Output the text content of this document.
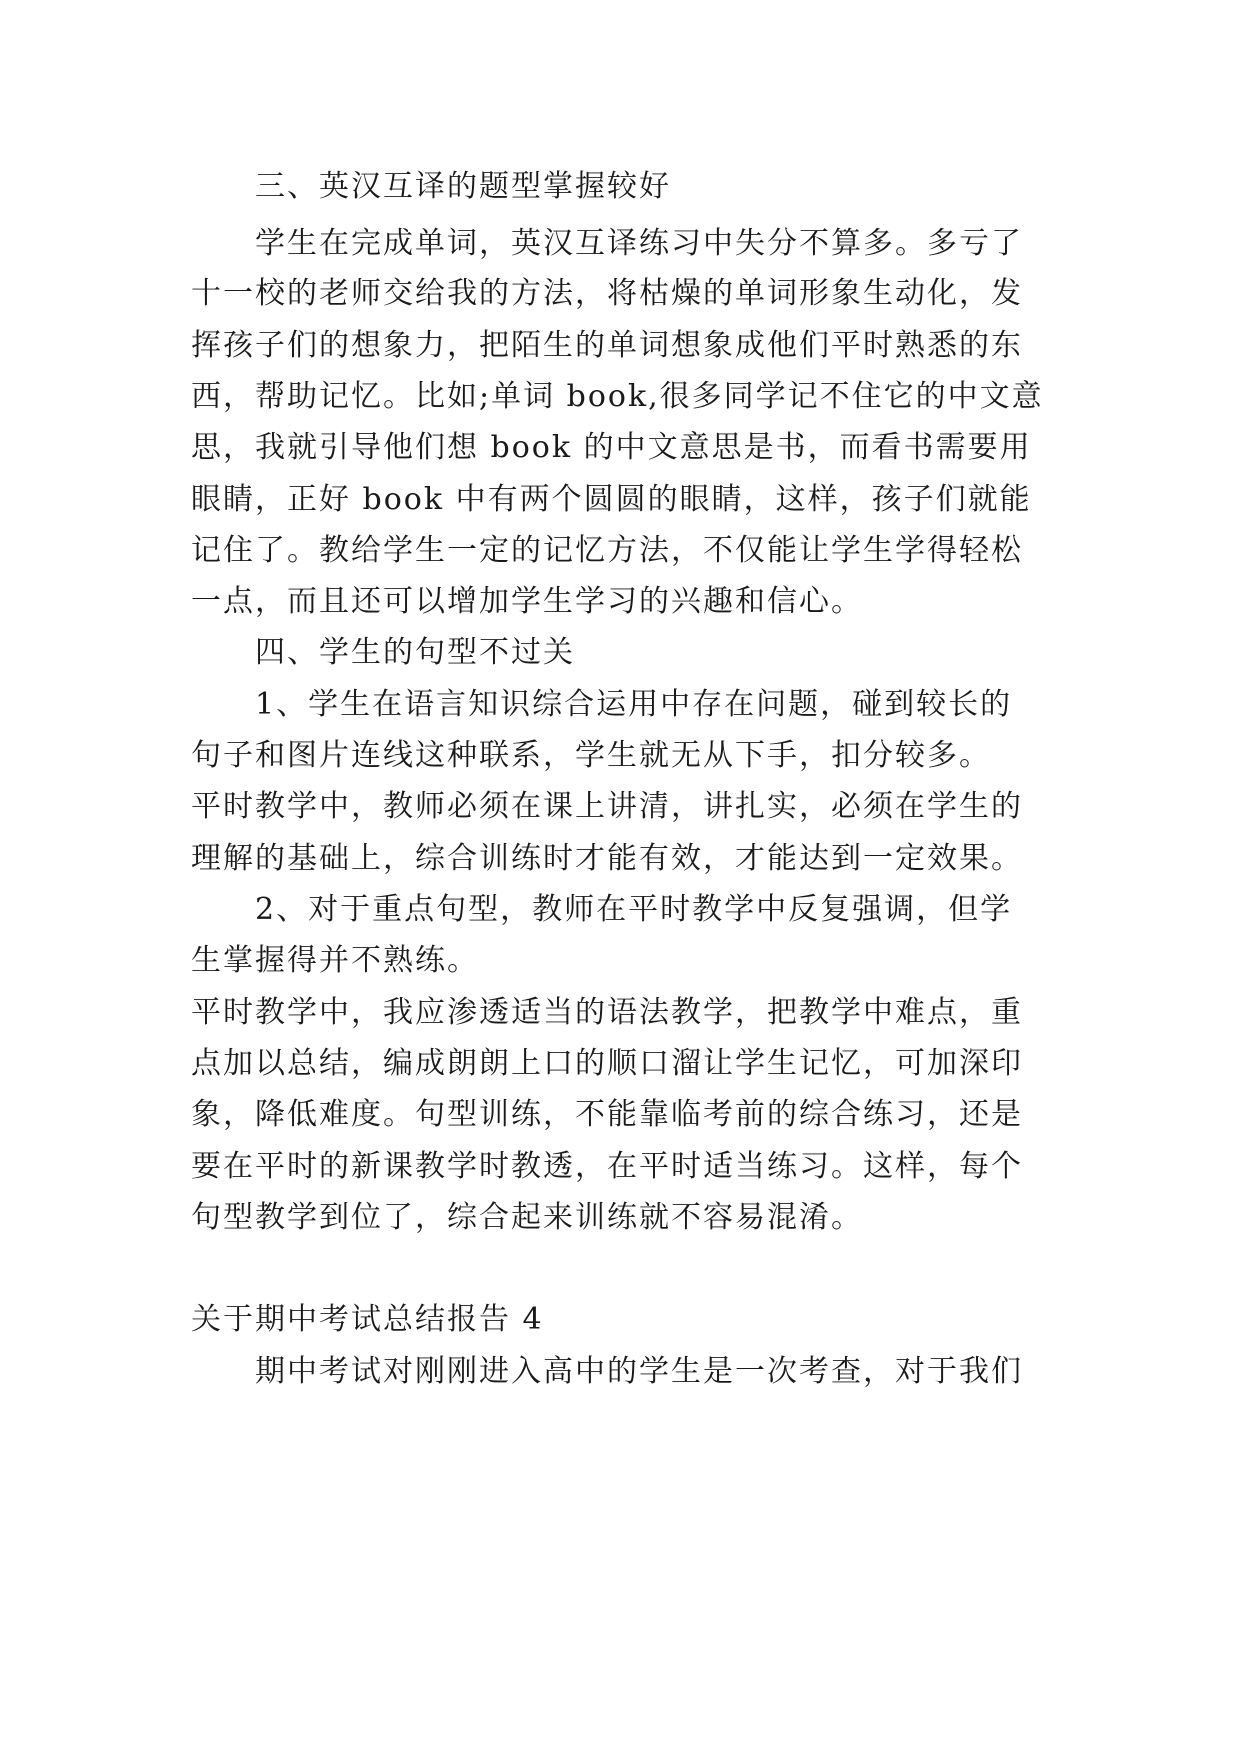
三、英汉互译的题型掌握较好
学生在完成单词，英汉互译练习中失分不算多。多亏了
十一校的老师交给我的方法，将枯燥的单词形象生动化，发
挥孩子们的想象力，把陌生的单词想象成他们平时熟悉的东
西，帮助记忆。比如;单词 book,很多同学记不住它的中文意
思，我就引导他们想 book 的中文意思是书，而看书需要用
眼睛，正好 book 中有两个圆圆的眼睛，这样，孩子们就能
记住了。教给学生一定的记忆方法，不仅能让学生学得轻松
一点，而且还可以增加学生学习的兴趣和信心。
四、学生的句型不过关
1、学生在语言知识综合运用中存在问题，碰到较长的
句子和图片连线这种联系，学生就无从下手，扣分较多。
平时教学中，教师必须在课上讲清，讲扎实，必须在学生的
理解的基础上，综合训练时才能有效，才能达到一定效果。
2、对于重点句型，教师在平时教学中反复强调，但学
生掌握得并不熟练。
平时教学中，我应渗透适当的语法教学，把教学中难点，重
点加以总结，编成朗朗上口的顺口溜让学生记忆，可加深印
象，降低难度。句型训练，不能靠临考前的综合练习，还是
要在平时的新课教学时教透，在平时适当练习。这样，每个
句型教学到位了，综合起来训练就不容易混淆。
关于期中考试总结报告 4
期中考试对刚刚进入高中的学生是一次考查，对于我们
